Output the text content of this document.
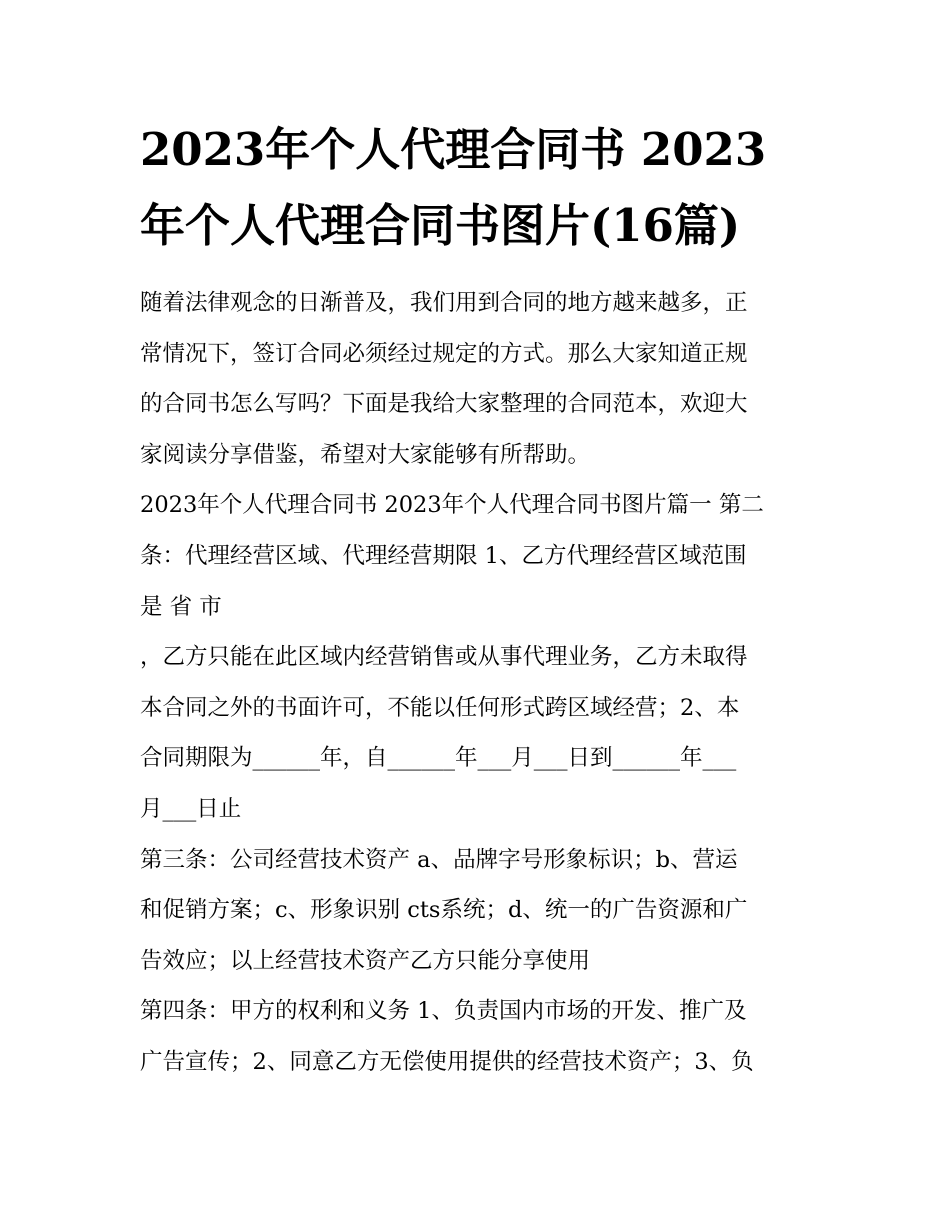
2023年个人代理合同书 2023
年个人代理合同书图片(16篇)

随着法律观念的日渐普及，我们用到合同的地方越来越多，正
常情况下，签订合同必须经过规定的方式。那么大家知道正规
的合同书怎么写吗？下面是我给大家整理的合同范本，欢迎大
家阅读分享借鉴，希望对大家能够有所帮助。

2023年个人代理合同书 2023年个人代理合同书图片篇一 第二
条：代理经营区域、代理经营期限 1、乙方代理经营区域范围
是 省 市

，乙方只能在此区域内经营销售或从事代理业务，乙方未取得
本合同之外的书面许可，不能以任何形式跨区域经营；2、本
合同期限为______年，自______年___月___日到______年___
月___日止

第三条：公司经营技术资产 a、品牌字号形象标识；b、营运
和促销方案；c、形象识别 cts系统；d、统一的广告资源和广
告效应；以上经营技术资产乙方只能分享使用

第四条：甲方的权利和义务 1、负责国内市场的开发、推广及
广告宣传；2、同意乙方无偿使用提供的经营技术资产；3、负
